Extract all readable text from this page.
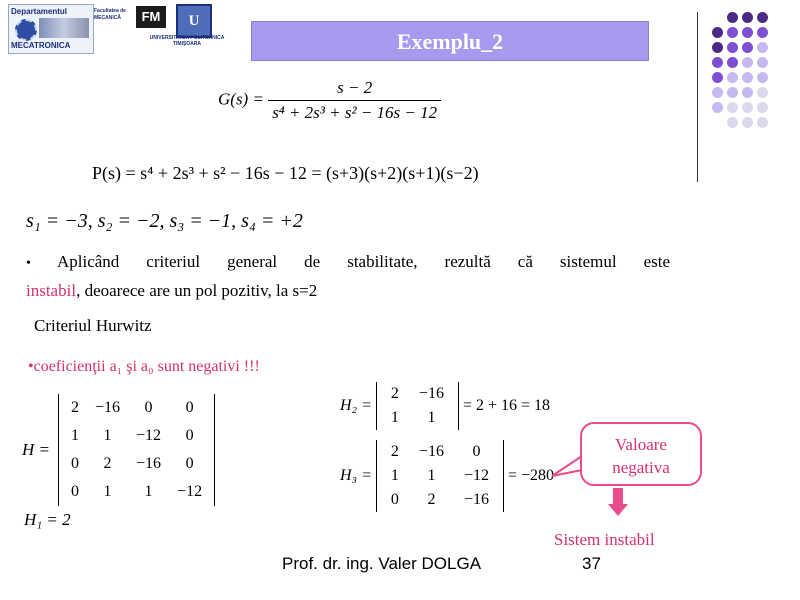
Departamentul
MECATRONICA
Facultatea de MECANICĂ	FM	U
UNIVERSITATEA POLITEHNICA TIMIŞOARA	Exemplu_2
$G(s) = \frac{s - 2}{\text{s⁴ + 2s³ + s² − 16s − 12}}$
P(s) = s⁴ + 2s³ + s² − 16s − 12 = (s+3)(s+2)(s+1)(s−2)
s₁ = −3, s₂ = −2, s₃ = −1, s₄ = +2
• Aplicând criteriul general de stabilitate, rezultă că sistemul este
instabil, deoarece are un pol pozitiv, la s=2
Criteriul Hurwitz
•coeficienţii a₁ şi a₀ sunt negativi !!!
H =
2	−16	0	0
1	1	−12	0
0	2	−16	0
0	1	1	−12
H₁ = 2
H₂ =
2	−16
1	1
= 2 + 16 = 18
H₃ =
2	−16	0
1	1	−12
0	2	−16
= −280
Valoare
negativa
Sistem instabil
Prof. dr. ing. Valer DOLGA	37
